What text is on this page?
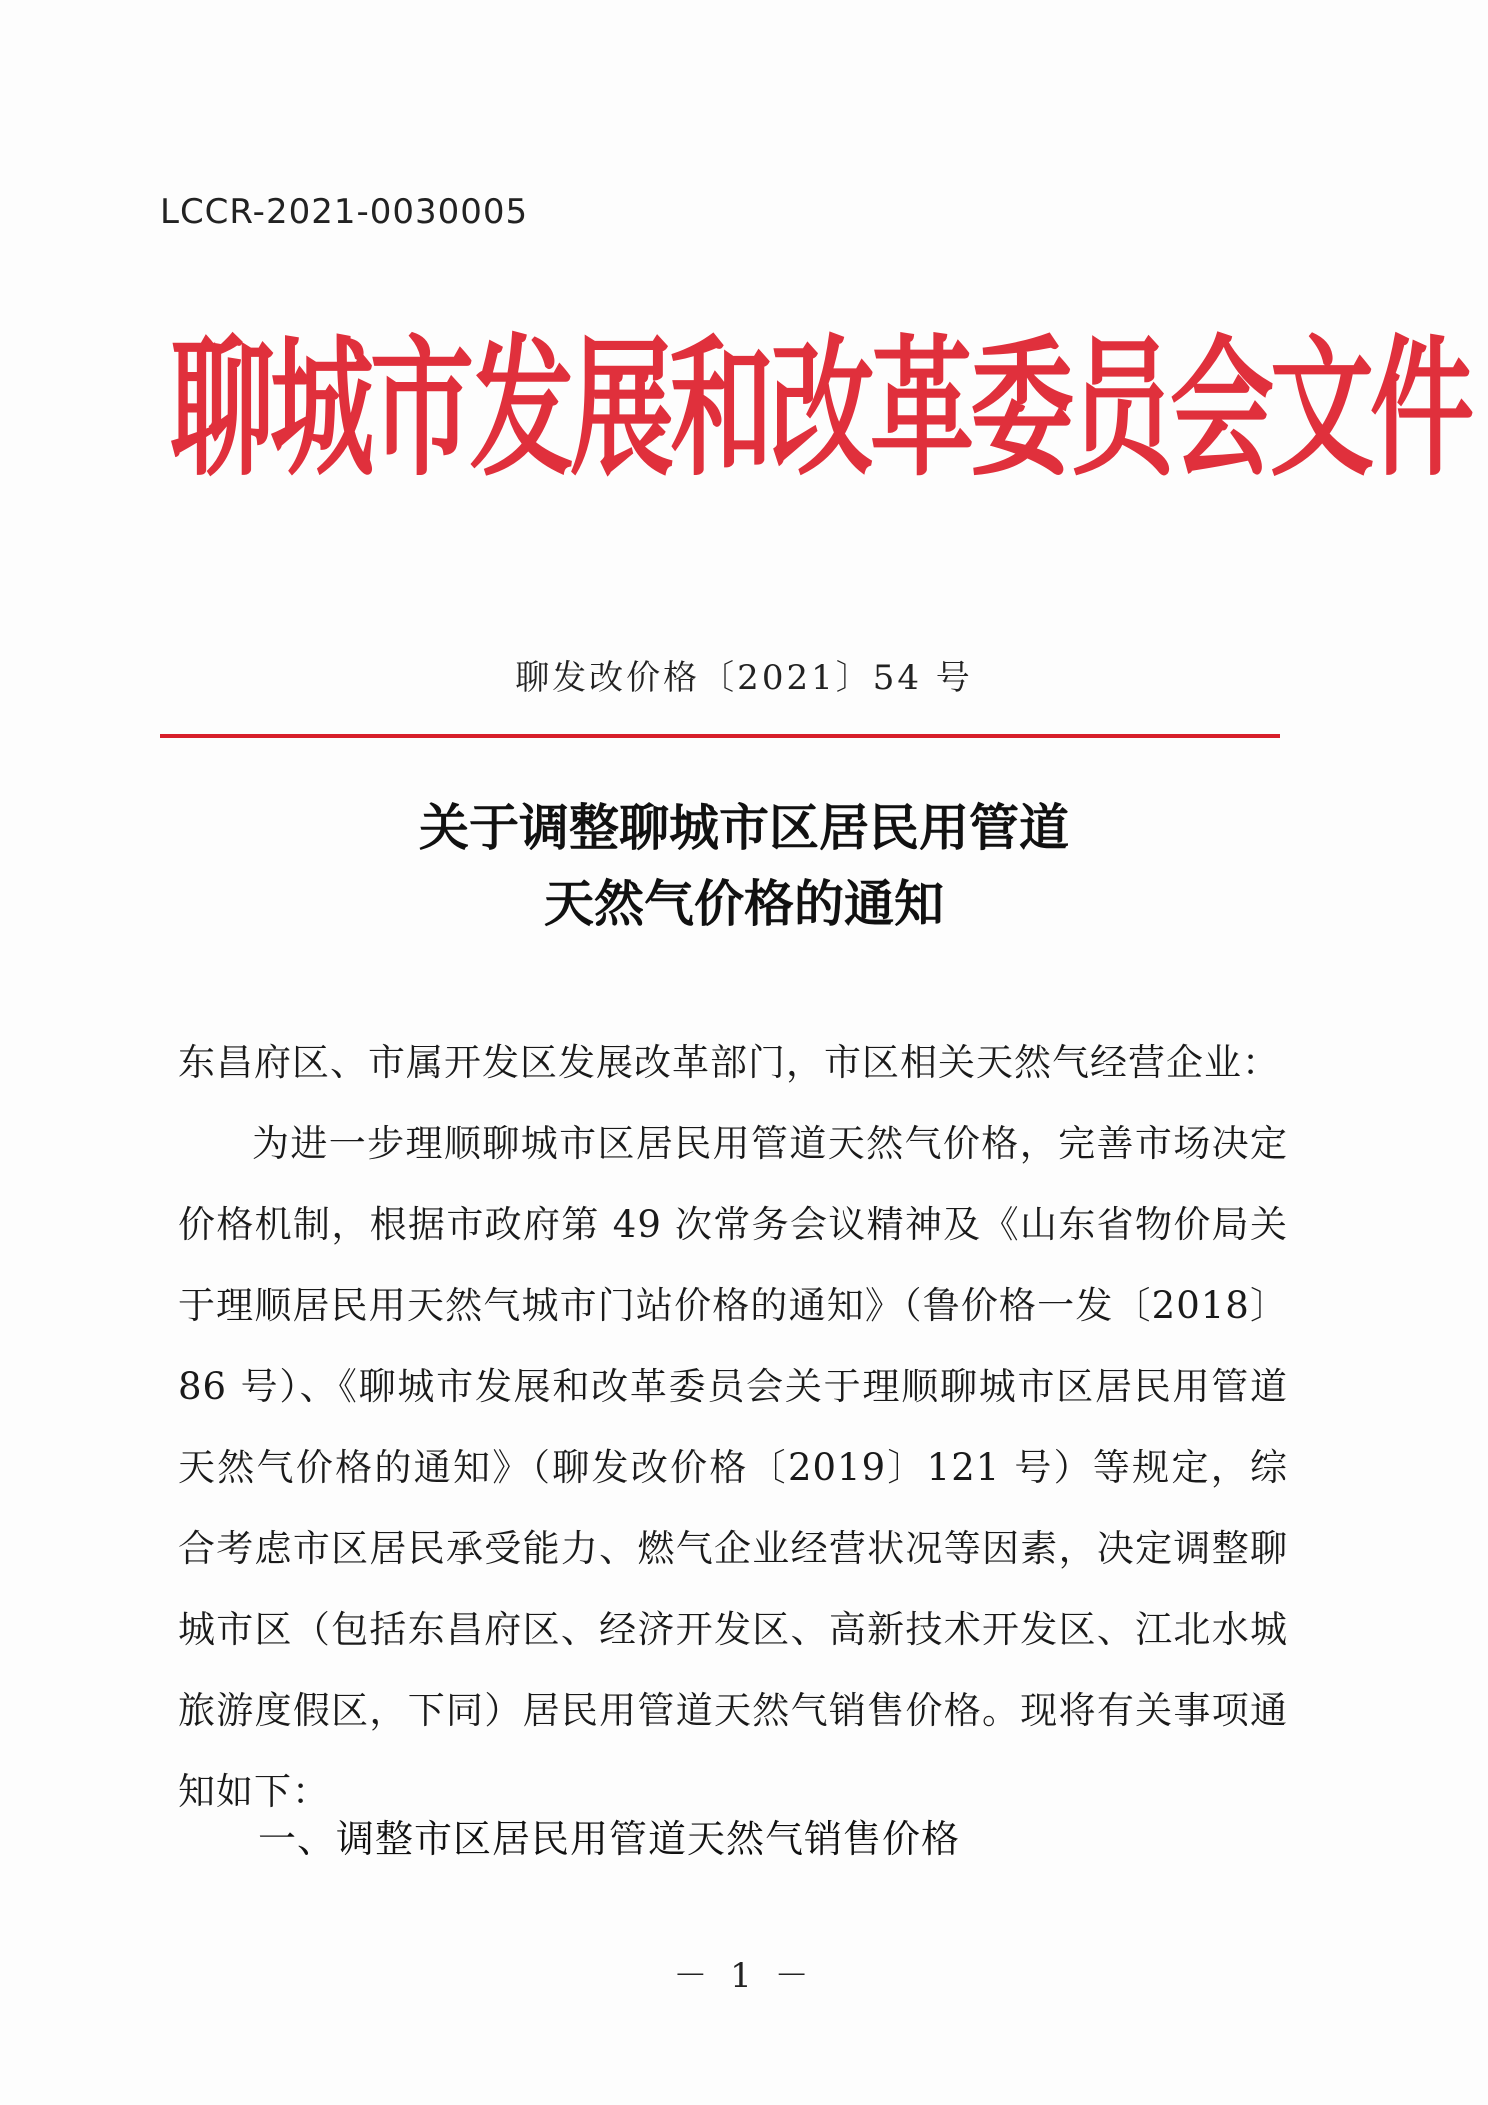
LCCR-2021-0030005
聊城市发展和改革委员会文件
聊发改价格〔2021〕54 号
关于调整聊城市区居民用管道
天然气价格的通知

东昌府区、市属开发区发展改革部门，市区相关天然气经营企业：

为进一步理顺聊城市区居民用管道天然气价格，完善市场决定价格机制，根据市政府第 49 次常务会议精神及《山东省物价局关于理顺居民用天然气城市门站价格的通知》（鲁价格一发〔2018〕86 号）、《聊城市发展和改革委员会关于理顺聊城市区居民用管道天然气价格的通知》（聊发改价格〔2019〕121 号）等规定，综合考虑市区居民承受能力、燃气企业经营状况等因素，决定调整聊城市区（包括东昌府区、经济开发区、高新技术开发区、江北水城旅游度假区，下同）居民用管道天然气销售价格。现将有关事项通知如下：

一、调整市区居民用管道天然气销售价格
－ 1 －
